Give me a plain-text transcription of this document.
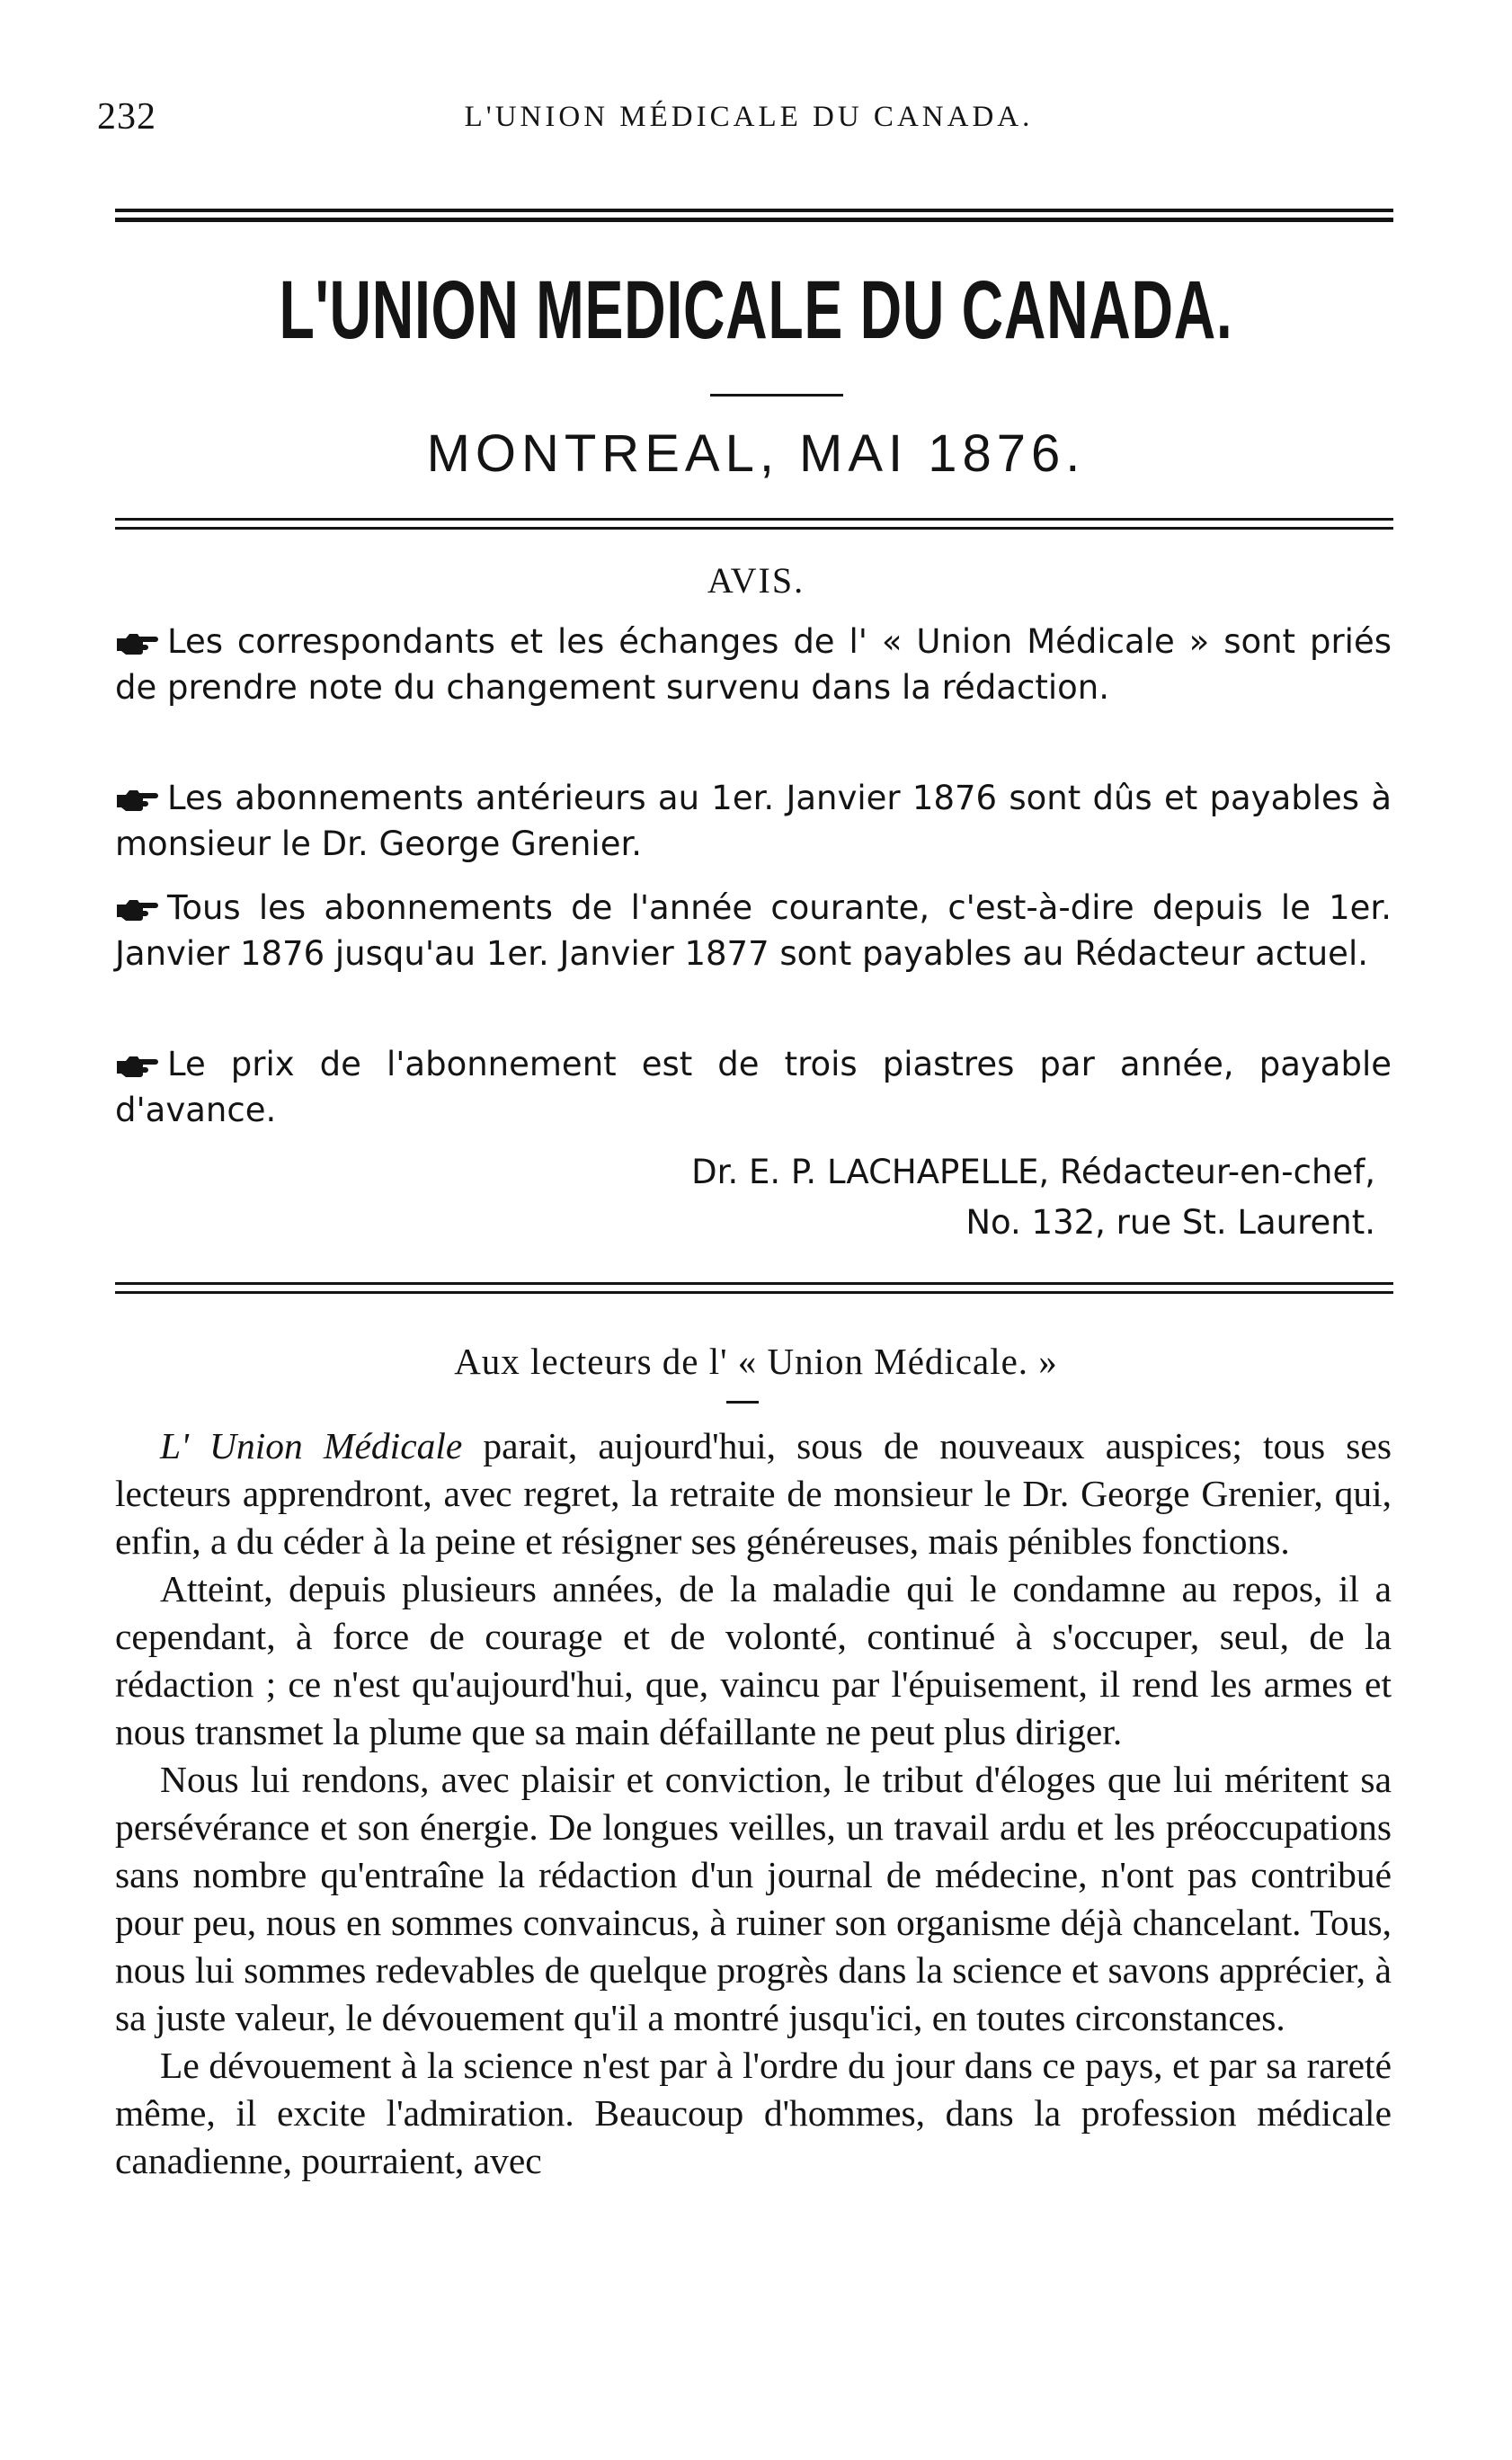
232	L'UNION MÉDICALE DU CANADA.
L'UNION MEDICALE DU CANADA.
MONTREAL, MAI 1876.
AVIS.
Les correspondants et les échanges de l' « Union Médicale » sont priés de prendre note du changement survenu dans la rédaction.
Les abonnements antérieurs au 1er. Janvier 1876 sont dûs et payables à monsieur le Dr. George Grenier.
Tous les abonnements de l'année courante, c'est-à-dire depuis le 1er. Janvier 1876 jusqu'au 1er. Janvier 1877 sont payables au Rédacteur actuel.
Le prix de l'abonnement est de trois piastres par année, payable d'avance.
Dr. E. P. LACHAPELLE, Rédacteur-en-chef,
No. 132, rue St. Laurent.
Aux lecteurs de l' « Union Médicale. »

L' Union Médicale parait, aujourd'hui, sous de nouveaux auspices; tous ses lecteurs apprendront, avec regret, la retraite de monsieur le Dr. George Grenier, qui, enfin, a du céder à la peine et résigner ses généreuses, mais pénibles fonctions.

Atteint, depuis plusieurs années, de la maladie qui le condamne au repos, il a cependant, à force de courage et de volonté, continué à s'occuper, seul, de la rédaction ; ce n'est qu'aujourd'hui, que, vaincu par l'épuisement, il rend les armes et nous transmet la plume que sa main défaillante ne peut plus diriger.

Nous lui rendons, avec plaisir et conviction, le tribut d'éloges que lui méritent sa persévérance et son énergie. De longues veilles, un travail ardu et les préoccupations sans nombre qu'entraîne la rédaction d'un journal de médecine, n'ont pas contribué pour peu, nous en sommes convaincus, à ruiner son organisme déjà chancelant. Tous, nous lui sommes redevables de quelque progrès dans la science et savons apprécier, à sa juste valeur, le dévouement qu'il a montré jusqu'ici, en toutes circonstances.

Le dévouement à la science n'est par à l'ordre du jour dans ce pays, et par sa rareté même, il excite l'admiration. Beaucoup d'hommes, dans la profession médicale canadienne, pourraient, avec
